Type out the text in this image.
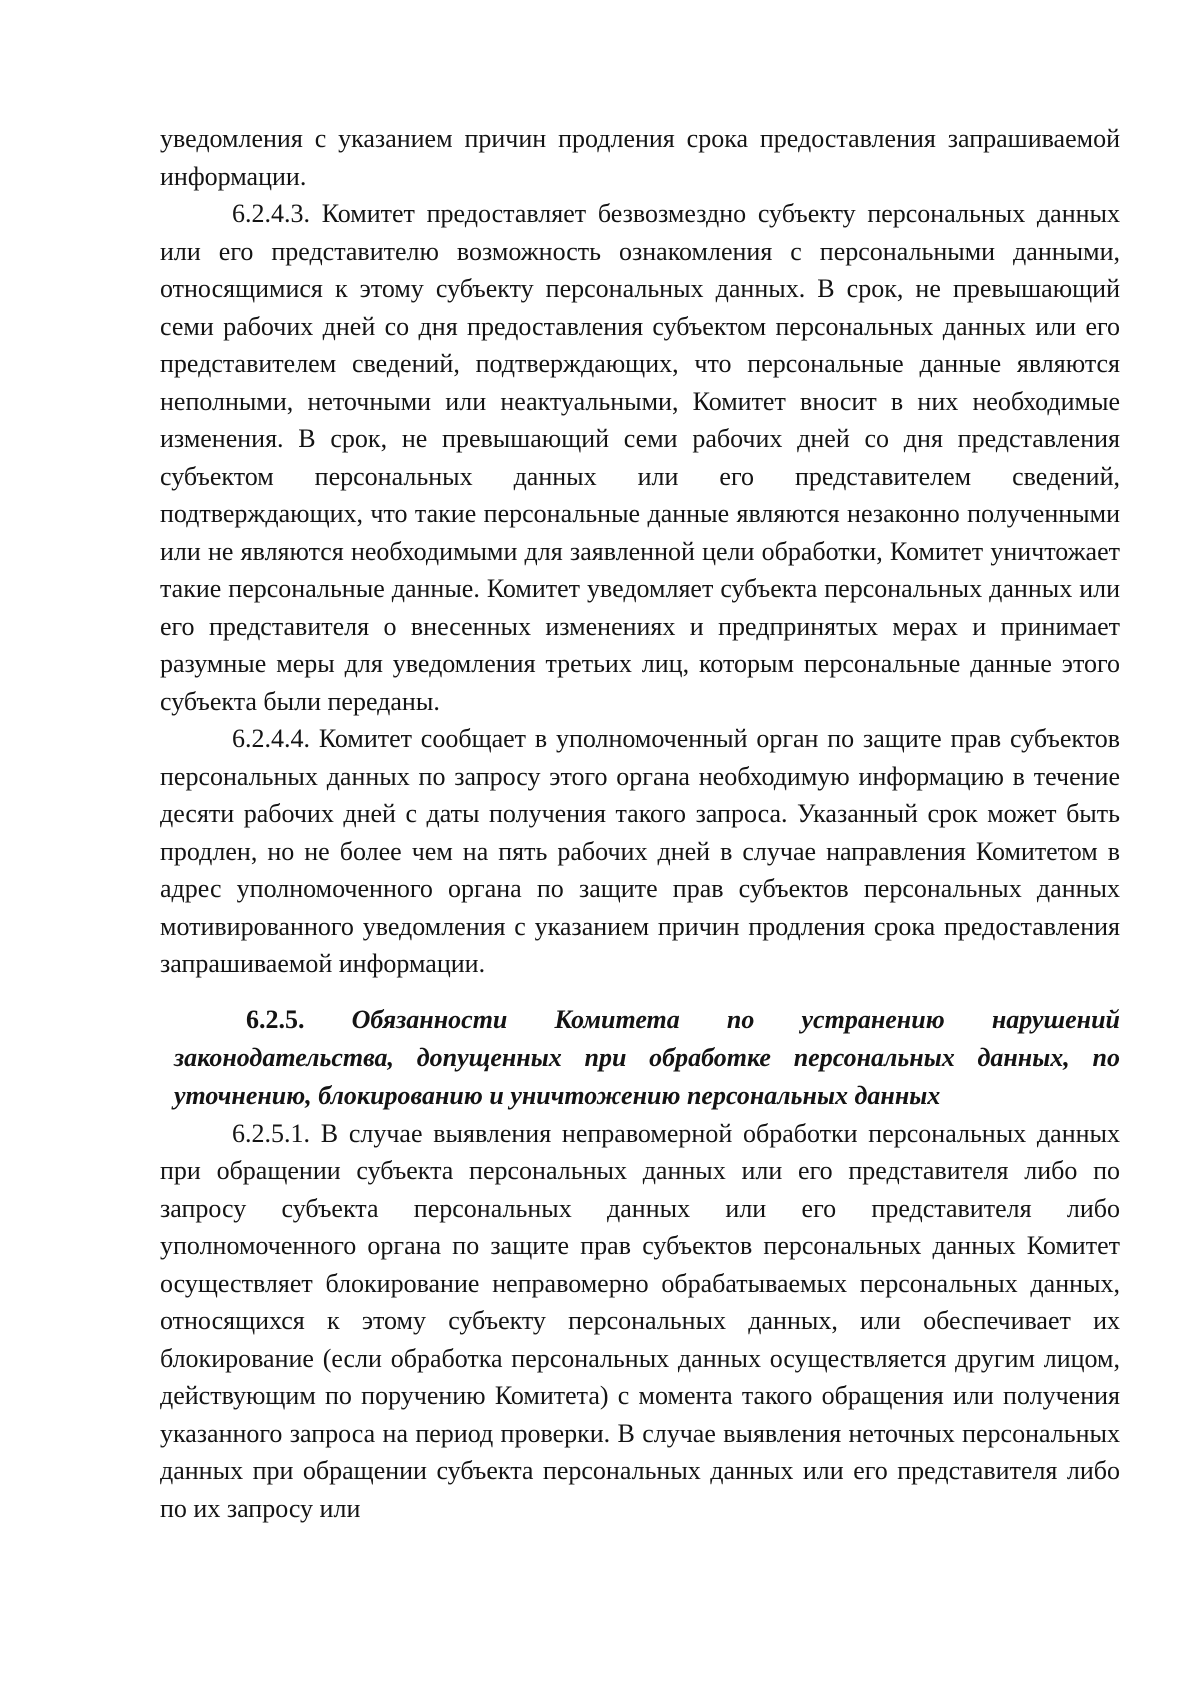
уведомления с указанием причин продления срока предоставления запрашиваемой информации.

6.2.4.3. Комитет предоставляет безвозмездно субъекту персональных данных или его представителю возможность ознакомления с персональными данными, относящимися к этому субъекту персональных данных. В срок, не превышающий семи рабочих дней со дня предоставления субъектом персональных данных или его представителем сведений, подтверждающих, что персональные данные являются неполными, неточными или неактуальными, Комитет вносит в них необходимые изменения. В срок, не превышающий семи рабочих дней со дня представления субъектом персональных данных или его представителем сведений, подтверждающих, что такие персональные данные являются незаконно полученными или не являются необходимыми для заявленной цели обработки, Комитет уничтожает такие персональные данные. Комитет уведомляет субъекта персональных данных или его представителя о внесенных изменениях и предпринятых мерах и принимает разумные меры для уведомления третьих лиц, которым персональные данные этого субъекта были переданы.

6.2.4.4. Комитет сообщает в уполномоченный орган по защите прав субъектов персональных данных по запросу этого органа необходимую информацию в течение десяти рабочих дней с даты получения такого запроса. Указанный срок может быть продлен, но не более чем на пять рабочих дней в случае направления Комитетом в адрес уполномоченного органа по защите прав субъектов персональных данных мотивированного уведомления с указанием причин продления срока предоставления запрашиваемой информации.

6.2.5. Обязанности Комитета по устранению нарушений законодательства, допущенных при обработке персональных данных, по уточнению, блокированию и уничтожению персональных данных

6.2.5.1. В случае выявления неправомерной обработки персональных данных при обращении субъекта персональных данных или его представителя либо по запросу субъекта персональных данных или его представителя либо уполномоченного органа по защите прав субъектов персональных данных Комитет осуществляет блокирование неправомерно обрабатываемых персональных данных, относящихся к этому субъекту персональных данных, или обеспечивает их блокирование (если обработка персональных данных осуществляется другим лицом, действующим по поручению Комитета) с момента такого обращения или получения указанного запроса на период проверки. В случае выявления неточных персональных данных при обращении субъекта персональных данных или его представителя либо по их запросу или
